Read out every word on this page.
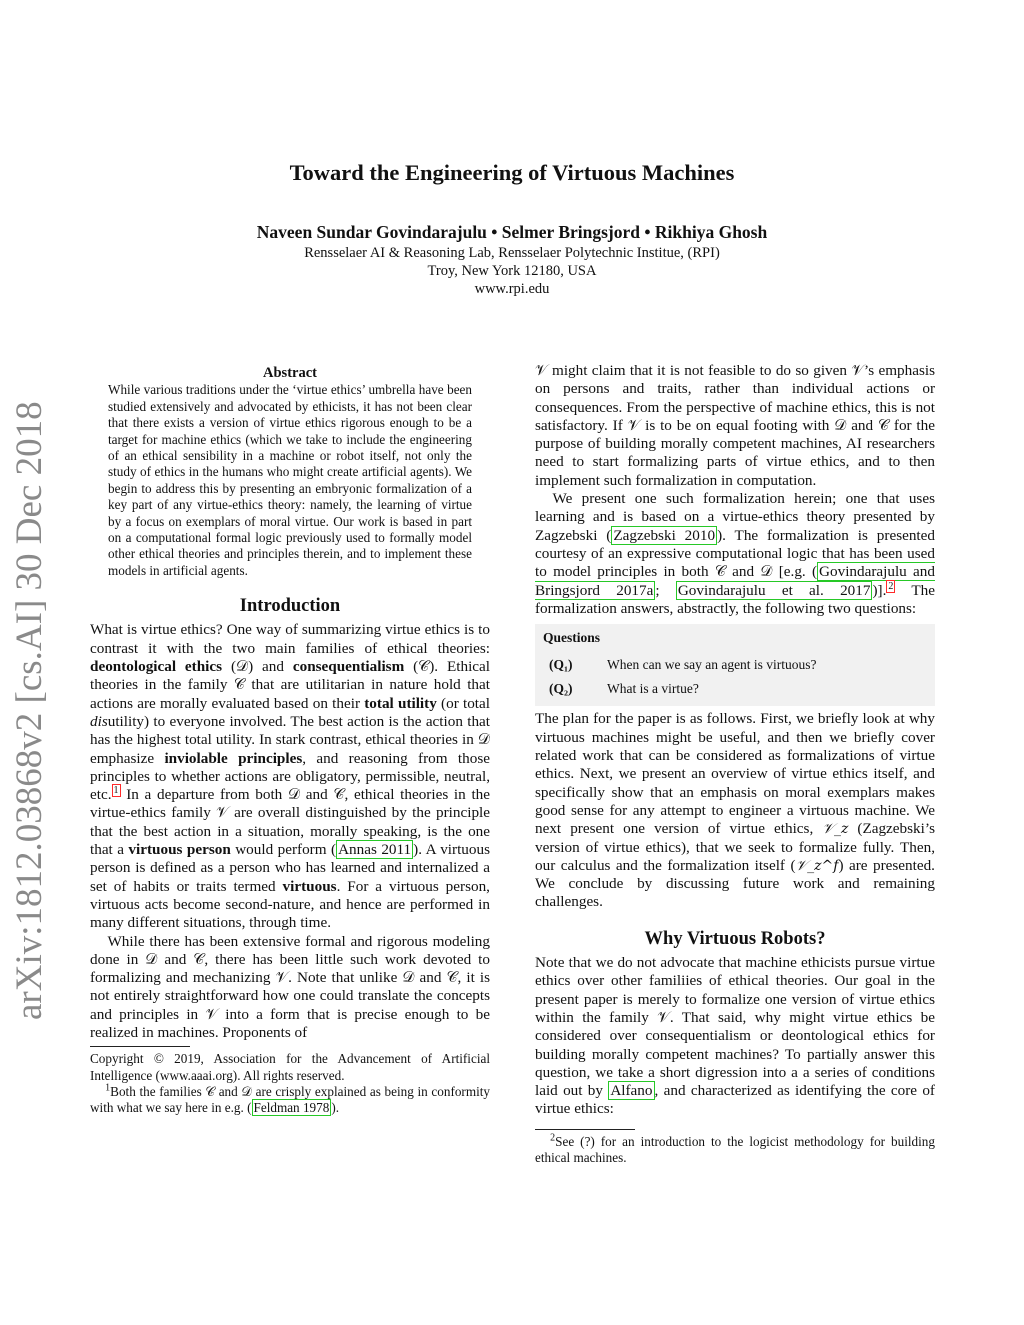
arXiv:1812.03868v2 [cs.AI] 30 Dec 2018
Toward the Engineering of Virtuous Machines
Naveen Sundar Govindarajulu • Selmer Bringsjord • Rikhiya Ghosh
Rensselaer AI & Reasoning Lab, Rensselaer Polytechnic Institue, (RPI)
Troy, New York 12180, USA
www.rpi.edu

Abstract

While various traditions under the ‘virtue ethics’ umbrella have been studied extensively and advocated by ethicists, it has not been clear that there exists a version of virtue ethics rigorous enough to be a target for machine ethics (which we take to include the engineering of an ethical sensibility in a machine or robot itself, not only the study of ethics in the humans who might create artificial agents). We begin to address this by presenting an embryonic formalization of a key part of any virtue-ethics theory: namely, the learning of virtue by a focus on exemplars of moral virtue. Our work is based in part on a computational formal logic previously used to formally model other ethical theories and principles therein, and to implement these models in artificial agents.

Introduction

What is virtue ethics? One way of summarizing virtue ethics is to contrast it with the two main families of ethical theories: deontological ethics (𝒟) and consequentialism (𝒞). Ethical theories in the family 𝒞 that are utilitarian in nature hold that actions are morally evaluated based on their total utility (or total disutility) to everyone involved. The best action is the action that has the highest total utility. In stark contrast, ethical theories in 𝒟 emphasize inviolable principles, and reasoning from those principles to whether actions are obligatory, permissible, neutral, etc. $^1$ In a departure from both 𝒟 and 𝒞, ethical theories in the virtue-ethics family 𝒱 are overall distinguished by the principle that the best action in a situation, morally speaking, is the one that a virtuous person would perform ( Annas 2011 ). A virtuous person is defined as a person who has learned and internalized a set of habits or traits termed virtuous. For a virtuous person, virtuous acts become second-nature, and hence are performed in many different situations, through time.

While there has been extensive formal and rigorous modeling done in 𝒟 and 𝒞, there has been little such work devoted to formalizing and mechanizing 𝒱. Note that unlike 𝒟 and 𝒞, it is not entirely straightforward how one could translate the concepts and principles in 𝒱 into a form that is precise enough to be realized in machines. Proponents of

Copyright © 2019, Association for the Advancement of Artificial Intelligence (www.aaai.org). All rights reserved.

$^1$Both the families 𝒞 and 𝒟 are crisply explained as being in conformity with what we say here in e.g. ( Feldman 1978 ).

𝒱 might claim that it is not feasible to do so given 𝒱’s emphasis on persons and traits, rather than individual actions or consequences. From the perspective of machine ethics, this is not satisfactory. If 𝒱 is to be on equal footing with 𝒟 and 𝒞 for the purpose of building morally competent machines, AI researchers need to start formalizing parts of virtue ethics, and to then implement such formalization in computation.

We present one such formalization herein; one that uses learning and is based on a virtue-ethics theory presented by Zagzebski ( Zagzebski 2010 ). The formalization is presented courtesy of an expressive computational logic that has been used to model principles in both 𝒞 and 𝒟 [e.g. ( Govindarajulu and Bringsjord 2017a ; Govindarajulu et al. 2017 )]. $^2$ The formalization answers, abstractly, the following two questions:

Questions
(Q₁)	When can we say an agent is virtuous?
(Q₂)	What is a virtue?

The plan for the paper is as follows. First, we briefly look at why virtuous machines might be useful, and then we briefly cover related work that can be considered as formalizations of virtue ethics. Next, we present an overview of virtue ethics itself, and specifically show that an emphasis on moral exemplars makes good sense for any attempt to engineer a virtuous machine. We next present one version of virtue ethics, 𝒱_z (Zagzebski’s version of virtue ethics), that we seek to formalize fully. Then, our calculus and the formalization itself (𝒱_z^f) are presented. We conclude by discussing future work and remaining challenges.

Why Virtuous Robots?

Note that we do not advocate that machine ethicists pursue virtue ethics over other familiies of ethical theories. Our goal in the present paper is merely to formalize one version of virtue ethics within the family 𝒱. That said, why might virtue ethics be considered over consequentialism or deontological ethics for building morally competent machines? To partially answer this question, we take a short digression into a a series of conditions laid out by Alfano , and characterized as identifying the core of virtue ethics:

$^2$See (?) for an introduction to the logicist methodology for building ethical machines.
